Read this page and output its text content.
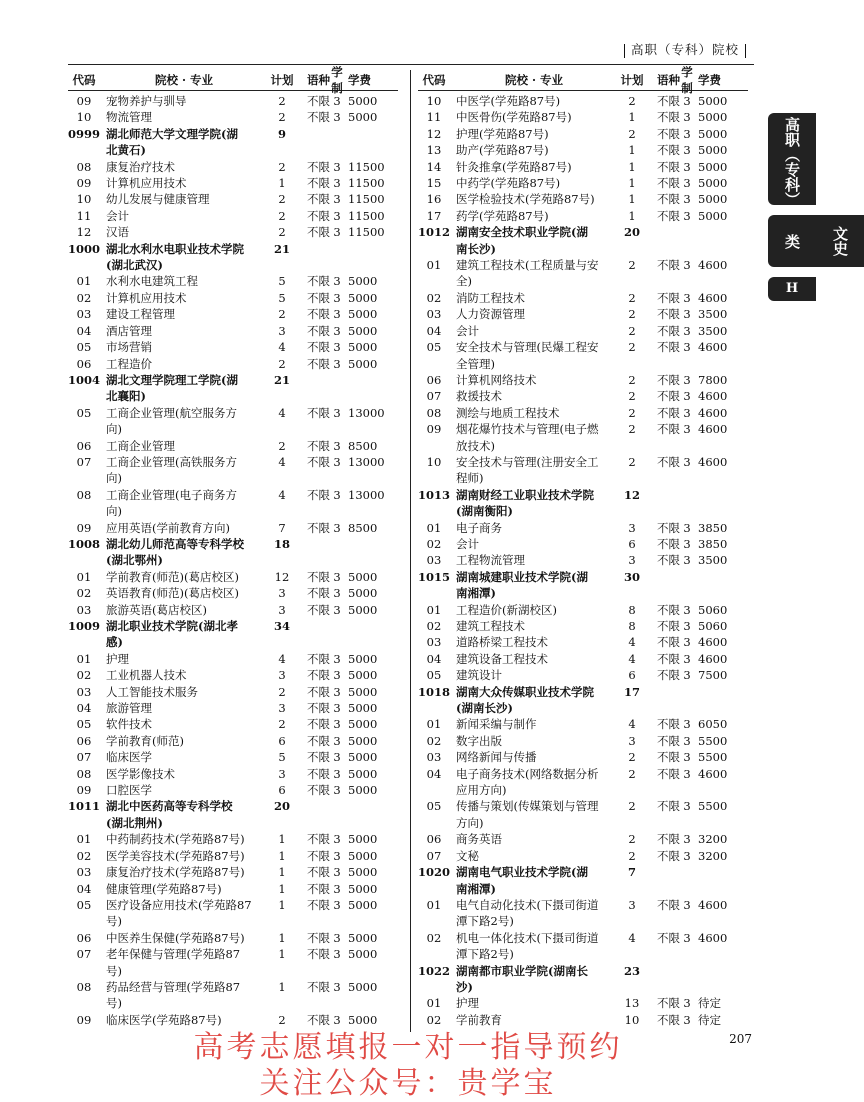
高职（专科）院校
代码	院校 · 专业	计划	语种
学制
学费
09	宠物养护与驯导	2	不限 3 5000
10	物流管理	2	不限 3 5000
0999 湖北师范大学文理学院(湖	9
北黄石)
08	康复治疗技术	2	不限 3 11500
09	计算机应用技术	1	不限 3 11500
10	幼儿发展与健康管理	2	不限 3 11500
11	会计	2	不限 3 11500
12	汉语	2	不限 3 11500
1000 湖北水利水电职业技术学院	21
(湖北武汉)
01	水利水电建筑工程	5	不限 3 5000
02	计算机应用技术	5	不限 3 5000
03	建设工程管理	2	不限 3 5000
04	酒店管理	3	不限 3 5000
05	市场营销	4	不限 3 5000
06	工程造价	2	不限 3 5000
1004 湖北文理学院理工学院(湖	21
北襄阳)
05	工商企业管理(航空服务方	4	不限 3 13000
向)
06	工商企业管理	2	不限 3 8500
07	工商企业管理(高铁服务方	4	不限 3 13000
向)
08	工商企业管理(电子商务方	4	不限 3 13000
向)
09	应用英语(学前教育方向)	7	不限 3 8500
1008 湖北幼儿师范高等专科学校	18
(湖北鄂州)
01	学前教育(师范)(葛店校区)	12	不限 3 5000
02	英语教育(师范)(葛店校区)	3	不限 3 5000
03	旅游英语(葛店校区)	3	不限 3 5000
1009 湖北职业技术学院(湖北孝	34
感)
01	护理	4	不限 3 5000
02	工业机器人技术	3	不限 3 5000
03	人工智能技术服务	2	不限 3 5000
04	旅游管理	3	不限 3 5000
05	软件技术	2	不限 3 5000
06	学前教育(师范)	6	不限 3 5000
07	临床医学	5	不限 3 5000
08	医学影像技术	3	不限 3 5000
09	口腔医学	6	不限 3 5000
1011 湖北中医药高等专科学校	20
(湖北荆州)
01	中药制药技术(学苑路87号)	1	不限 3 5000
02	医学美容技术(学苑路87号)	1	不限 3 5000
03	康复治疗技术(学苑路87号)	1	不限 3 5000
04	健康管理(学苑路87号)	1	不限 3 5000
05	医疗设备应用技术(学苑路87	1	不限 3 5000
号)
06	中医养生保健(学苑路87号)	1	不限 3 5000
07	老年保健与管理(学苑路87	1	不限 3 5000
号)
08	药品经营与管理(学苑路87	1	不限 3 5000
号)
09	临床医学(学苑路87号)	2	不限 3 5000
代码	院校 · 专业	计划	语种
学制
学费
10	中医学(学苑路87号)	2	不限 3 5000
11	中医骨伤(学苑路87号)	1	不限 3 5000
12	护理(学苑路87号)	2	不限 3 5000
13	助产(学苑路87号)	1	不限 3 5000
14	针灸推拿(学苑路87号)	1	不限 3 5000
15	中药学(学苑路87号)	1	不限 3 5000
16	医学检验技术(学苑路87号)	1	不限 3 5000
17	药学(学苑路87号)	1	不限 3 5000
1012 湖南安全技术职业学院(湖	20
南长沙)
01	建筑工程技术(工程质量与安	2	不限 3 4600
全)
02	消防工程技术	2	不限 3 4600
03	人力资源管理	2	不限 3 3500
04	会计	2	不限 3 3500
05	安全技术与管理(民爆工程安	2	不限 3 4600
全管理)
06	计算机网络技术	2	不限 3 7800
07	救援技术	2	不限 3 4600
08	测绘与地质工程技术	2	不限 3 4600
09	烟花爆竹技术与管理(电子燃	2	不限 3 4600
放技术)
10	安全技术与管理(注册安全工	2	不限 3 4600
程师)
1013 湖南财经工业职业技术学院	12
(湖南衡阳)
01	电子商务	3	不限 3 3850
02	会计	6	不限 3 3850
03	工程物流管理	3	不限 3 3500
1015 湖南城建职业技术学院(湖	30
南湘潭)
01	工程造价(新湖校区)	8	不限 3 5060
02	建筑工程技术	8	不限 3 5060
03	道路桥梁工程技术	4	不限 3 4600
04	建筑设备工程技术	4	不限 3 4600
05	建筑设计	6	不限 3 7500
1018 湖南大众传媒职业技术学院	17
(湖南长沙)
01	新闻采编与制作	4	不限 3 6050
02	数字出版	3	不限 3 5500
03	网络新闻与传播	2	不限 3 5500
04	电子商务技术(网络数据分析	2	不限 3 4600
应用方向)
05	传播与策划(传媒策划与管理	2	不限 3 5500
方向)
06	商务英语	2	不限 3 3200
07	文秘	2	不限 3 3200
1020 湖南电气职业技术学院(湖	7
南湘潭)
01	电气自动化技术(下摄司街道	3	不限 3 4600
潭下路2号)
02	机电一体化技术(下摄司街道	4	不限 3 4600
潭下路2号)
1022 湖南都市职业学院(湖南长	23
沙)
01	护理	13	不限 3 待定
02	学前教育	10	不限 3 待定
高职（专科）
文史类
H
207
高考志愿填报一对一指导预约
关注公众号：贵学宝
